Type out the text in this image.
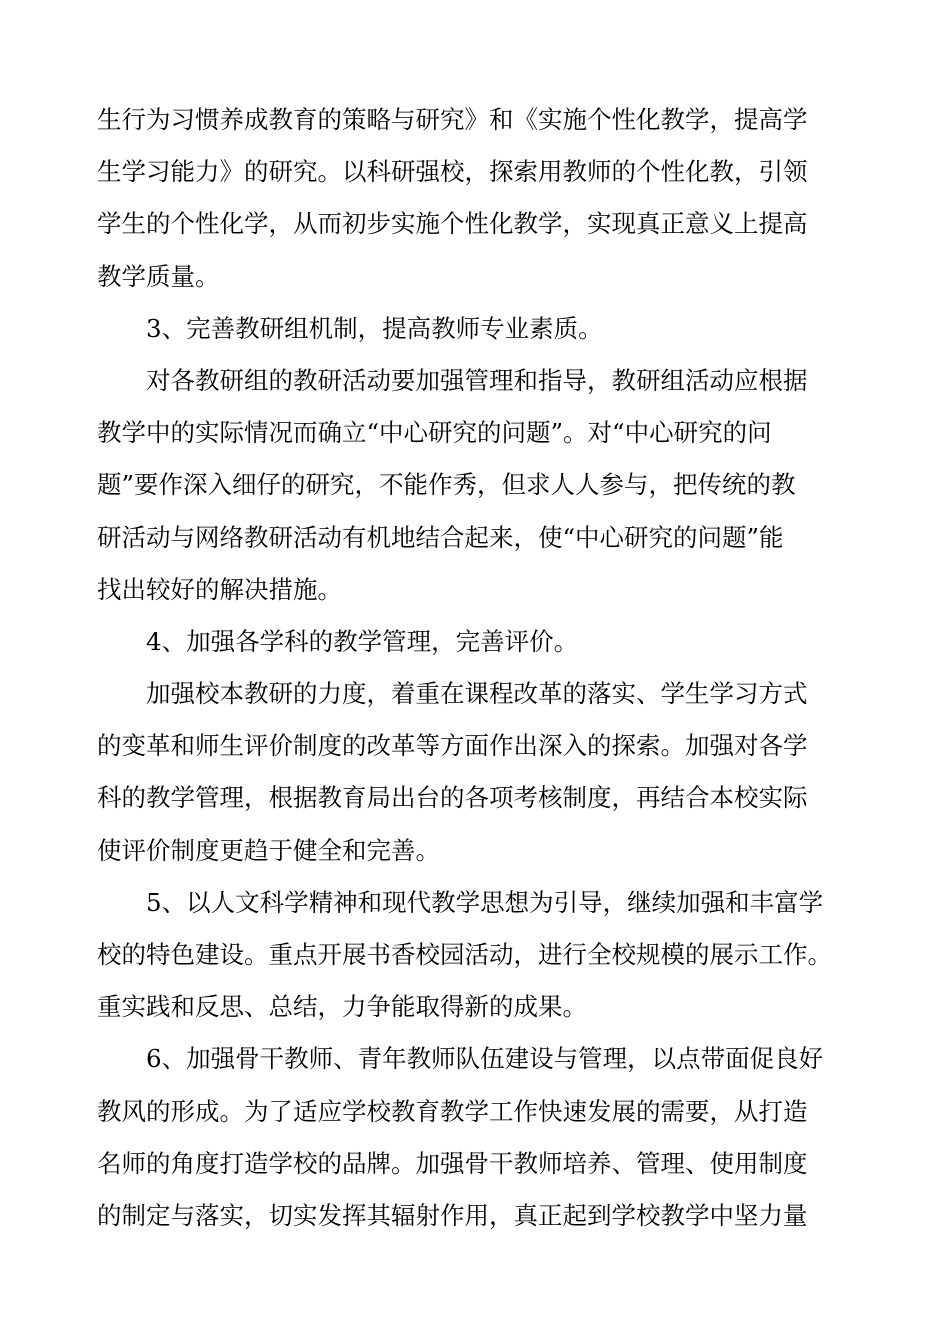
生行为习惯养成教育的策略与研究》和《实施个性化教学，提高学
生学习能力》的研究。以科研强校，探索用教师的个性化教，引领
学生的个性化学，从而初步实施个性化教学，实现真正意义上提高
教学质量。
3、完善教研组机制，提高教师专业素质。
对各教研组的教研活动要加强管理和指导，教研组活动应根据
教学中的实际情况而确立“中心研究的问题”。对“中心研究的问
题”要作深入细仔的研究，不能作秀，但求人人参与，把传统的教
研活动与网络教研活动有机地结合起来，使“中心研究的问题”能
找出较好的解决措施。
4、加强各学科的教学管理，完善评价。
加强校本教研的力度，着重在课程改革的落实、学生学习方式
的变革和师生评价制度的改革等方面作出深入的探索。加强对各学
科的教学管理，根据教育局出台的各项考核制度，再结合本校实际
使评价制度更趋于健全和完善。
5、以人文科学精神和现代教学思想为引导，继续加强和丰富学
校的特色建设。重点开展书香校园活动，进行全校规模的展示工作。
重实践和反思、总结，力争能取得新的成果。
6、加强骨干教师、青年教师队伍建设与管理，以点带面促良好
教风的形成。为了适应学校教育教学工作快速发展的需要，从打造
名师的角度打造学校的品牌。加强骨干教师培养、管理、使用制度
的制定与落实，切实发挥其辐射作用，真正起到学校教学中坚力量
